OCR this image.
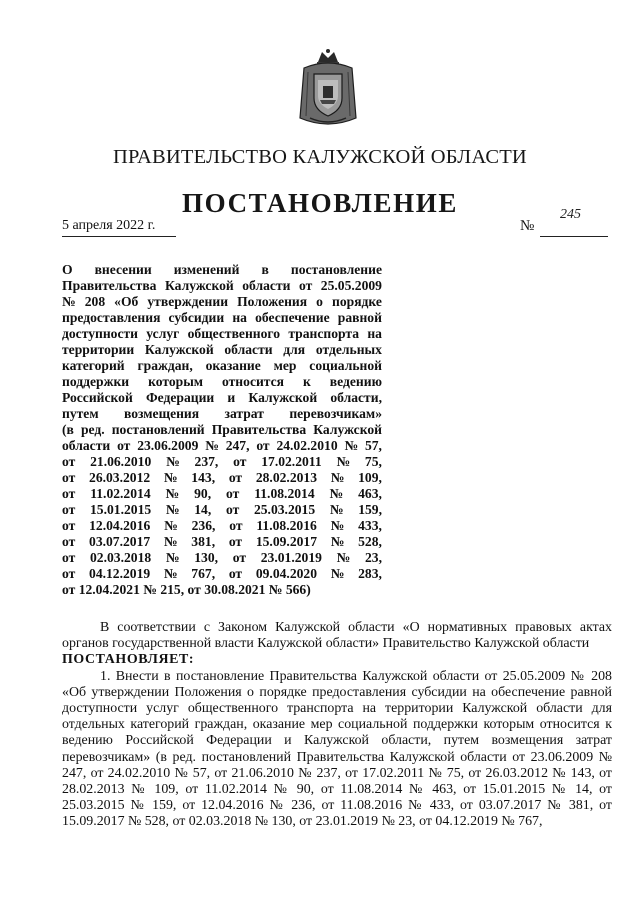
ПРАВИТЕЛЬСТВО КАЛУЖСКОЙ ОБЛАСТИ
ПОСТАНОВЛЕНИЕ
5 апреля 2022 г.	№
245
О внесении изменений в постановление
Правительства Калужской области от 25.05.2009
№ 208 «Об утверждении Положения о порядке
предоставления субсидии на обеспечение равной
доступности услуг общественного транспорта на
территории Калужской области для отдельных
категорий граждан, оказание мер социальной
поддержки которым относится к ведению
Российской Федерации и Калужской области,
путем возмещения затрат перевозчикам»
(в ред. постановлений Правительства Калужской
области от 23.06.2009 № 247, от 24.02.2010 № 57,
от 21.06.2010 № 237, от 17.02.2011 № 75,
от 26.03.2012 № 143, от 28.02.2013 № 109,
от 11.02.2014 № 90, от 11.08.2014 № 463,
от 15.01.2015 № 14, от 25.03.2015 № 159,
от 12.04.2016 № 236, от 11.08.2016 № 433,
от 03.07.2017 № 381, от 15.09.2017 № 528,
от 02.03.2018 № 130, от 23.01.2019 № 23,
от 04.12.2019 № 767, от 09.04.2020 № 283,
от 12.04.2021 № 215, от 30.08.2021 № 566)

В соответствии с Законом Калужской области «О нормативных правовых актах органов государственной власти Калужской области» Правительство Калужской области

ПОСТАНОВЛЯЕТ:

1. Внести в постановление Правительства Калужской области от 25.05.2009 № 208 «Об утверждении Положения о порядке предоставления субсидии на обеспечение равной доступности услуг общественного транспорта на территории Калужской области для отдельных категорий граждан, оказание мер социальной поддержки которым относится к ведению Российской Федерации и Калужской области, путем возмещения затрат перевозчикам» (в ред. постановлений Правительства Калужской области от 23.06.2009 № 247, от 24.02.2010 № 57, от 21.06.2010 № 237, от 17.02.2011 № 75, от 26.03.2012 № 143, от 28.02.2013 № 109, от 11.02.2014 № 90, от 11.08.2014 № 463, от 15.01.2015 № 14, от 25.03.2015 № 159, от 12.04.2016 № 236, от 11.08.2016 № 433, от 03.07.2017 № 381, от 15.09.2017 № 528, от 02.03.2018 № 130, от 23.01.2019 № 23, от 04.12.2019 № 767,
